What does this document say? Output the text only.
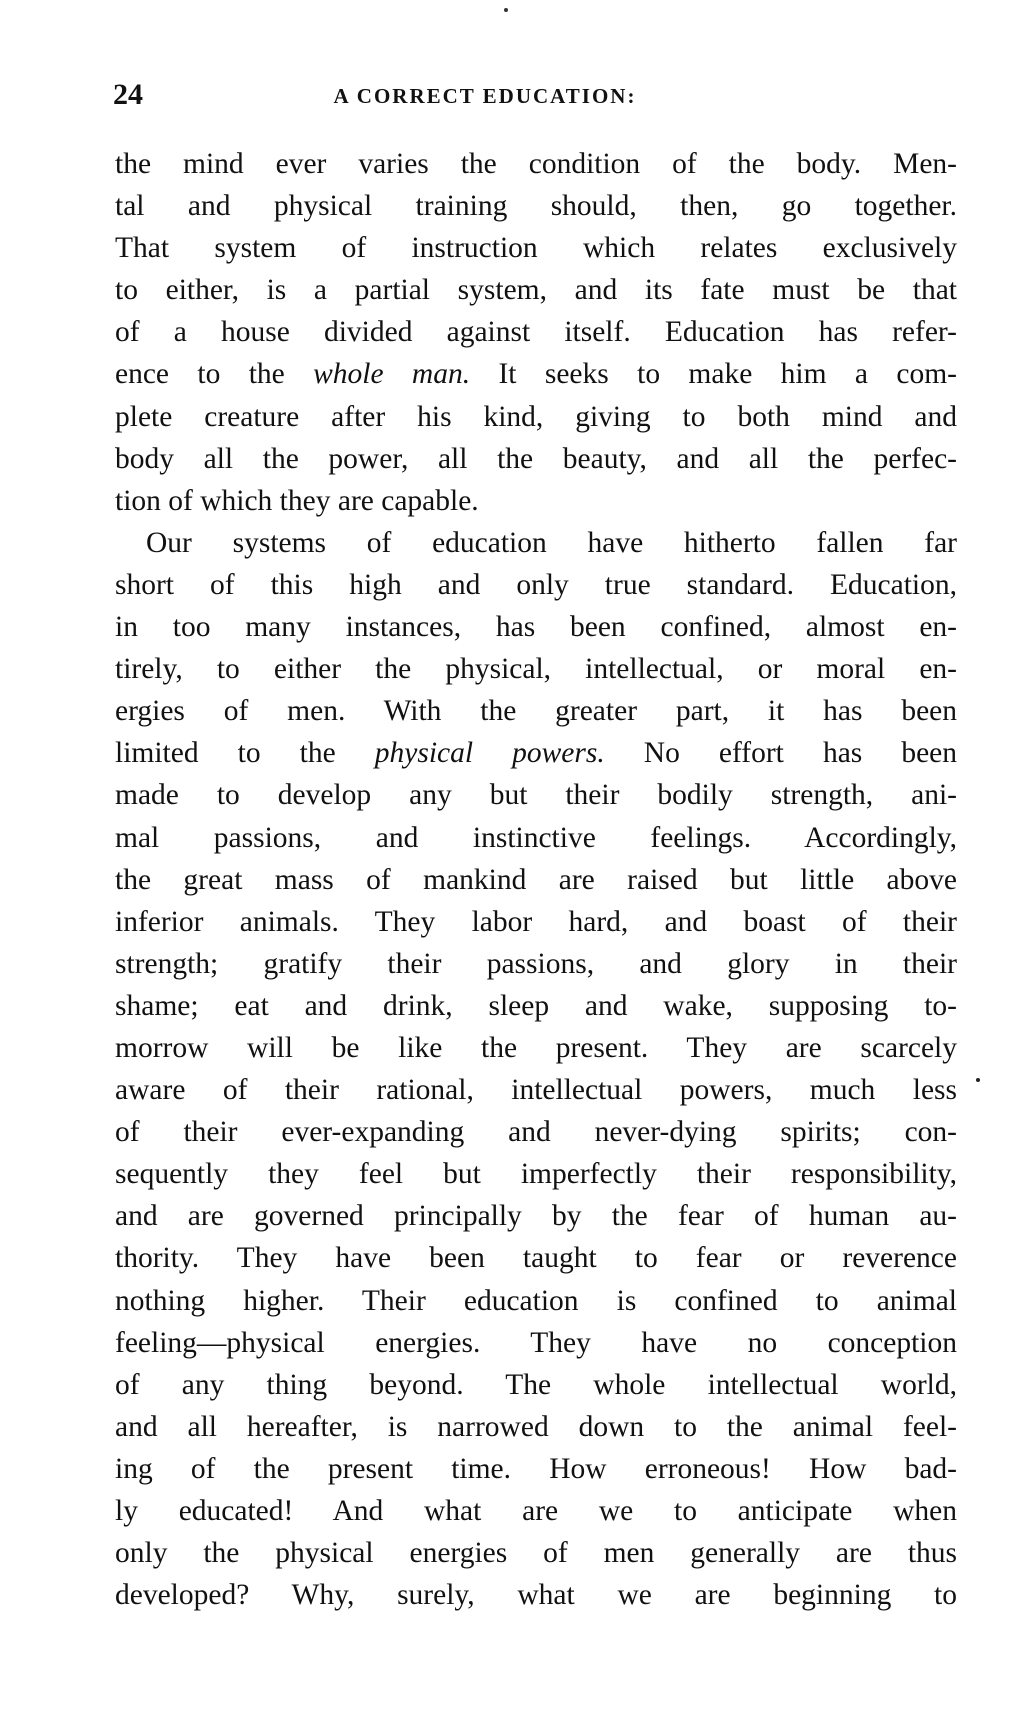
24	A CORRECT EDUCATION:
the mind ever varies the condition of the body. Men-
tal and physical training should, then, go together.
That system of instruction which relates exclusively
to either, is a partial system, and its fate must be that
of a house divided against itself. Education has refer-
ence to the whole man. It seeks to make him a com-
plete creature after his kind, giving to both mind and
body all the power, all the beauty, and all the perfec-
tion of which they are capable.
Our systems of education have hitherto fallen far
short of this high and only true standard. Education,
in too many instances, has been confined, almost en-
tirely, to either the physical, intellectual, or moral en-
ergies of men. With the greater part, it has been
limited to the physical powers. No effort has been
made to develop any but their bodily strength, ani-
mal passions, and instinctive feelings. Accordingly,
the great mass of mankind are raised but little above
inferior animals. They labor hard, and boast of their
strength; gratify their passions, and glory in their
shame; eat and drink, sleep and wake, supposing to-
morrow will be like the present. They are scarcely
aware of their rational, intellectual powers, much less
of their ever-expanding and never-dying spirits; con-
sequently they feel but imperfectly their responsibility,
and are governed principally by the fear of human au-
thority. They have been taught to fear or reverence
nothing higher. Their education is confined to animal
feeling—physical energies. They have no conception
of any thing beyond. The whole intellectual world,
and all hereafter, is narrowed down to the animal feel-
ing of the present time. How erroneous! How bad-
ly educated! And what are we to anticipate when
only the physical energies of men generally are thus
developed? Why, surely, what we are beginning to
